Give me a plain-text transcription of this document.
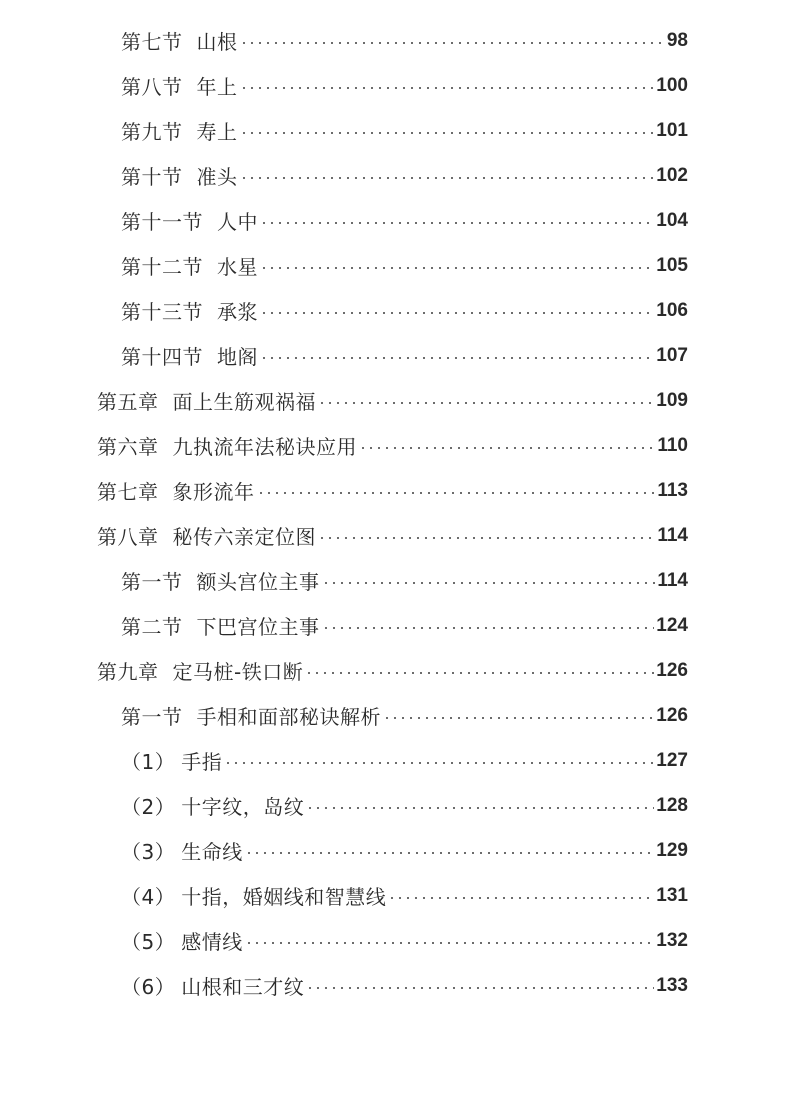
第七节 山根	98
第八节 年上	100
第九节 寿上	101
第十节 准头	102
第十一节 人中	104
第十二节 水星	105
第十三节 承浆	106
第十四节 地阁	107
第五章 面上生筋观祸福	109
第六章 九执流年法秘诀应用	110
第七章 象形流年	113
第八章 秘传六亲定位图	114
第一节 额头宫位主事	114
第二节 下巴宫位主事	124
第九章 定马桩-铁口断	126
第一节 手相和面部秘诀解析	126
（1） 手指	127
（2） 十字纹，岛纹	128
（3） 生命线	129
（4） 十指，婚姻线和智慧线	131
（5） 感情线	132
（6） 山根和三才纹	133
